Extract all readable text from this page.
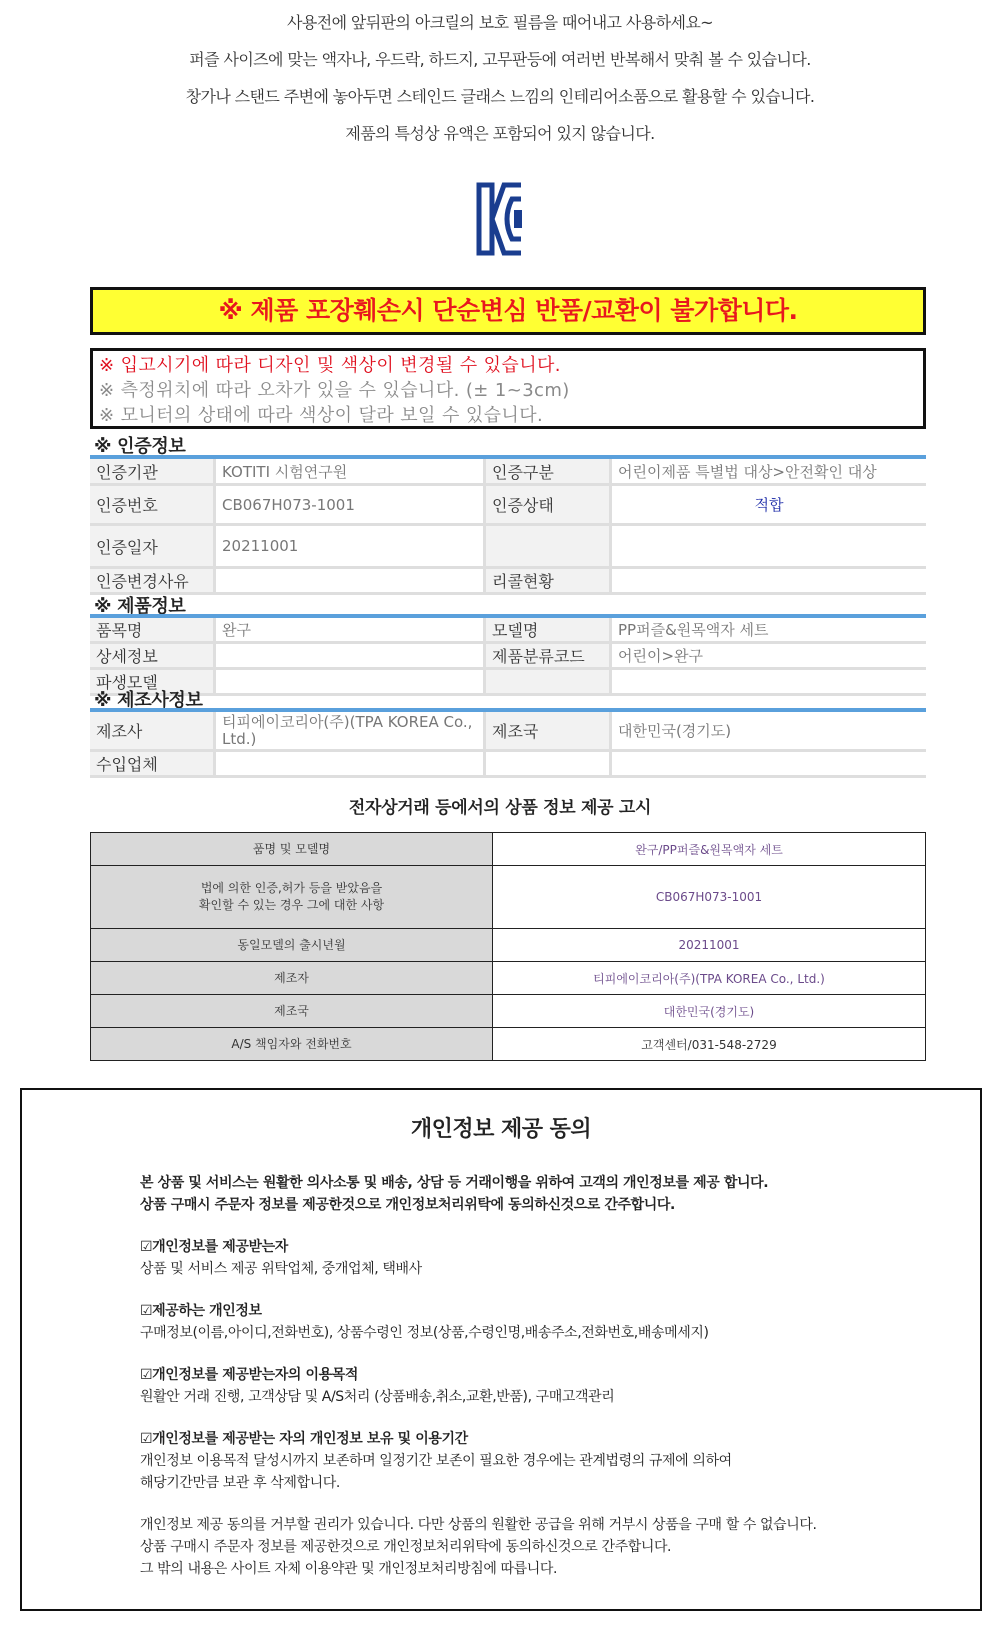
사용전에 앞뒤판의 아크릴의 보호 필름을 때어내고 사용하세요~

퍼즐 사이즈에 맞는 액자나, 우드락, 하드지, 고무판등에 여러번 반복해서 맞춰 볼 수 있습니다.

창가나 스탠드 주변에 놓아두면 스테인드 글래스 느낌의 인테리어소품으로 활용할 수 있습니다.

제품의 특성상 유액은 포함되어 있지 않습니다.

※ 제품 포장훼손시 단순변심 반품/교환이 불가합니다.
※ 입고시기에 따라 디자인 및 색상이 변경될 수 있습니다.
※ 측정위치에 따라 오차가 있을 수 있습니다. (± 1~3cm)
※ 모니터의 상태에 따라 색상이 달라 보일 수 있습니다.
※ 인증정보
인증기관	KOTITI 시험연구원	인증구분	어린이제품 특별법 대상>안전확인 대상
인증번호	CB067H073-1001	인증상태	적합
인증일자	20211001		
인증변경사유		리콜현황	
※ 제품정보
품목명	완구	모델명	PP퍼즐&원목액자 세트
상세정보		제품분류코드	어린이>완구
파생모델			
※ 제조사정보
제조사	티피에이코리아(주)(TPA KOREA Co., Ltd.)	제조국	대한민국(경기도)
수입업체			
전자상거래 등에서의 상품 정보 제공 고시
품명 및 모델명	완구/PP퍼즐&원목액자 세트

법에 의한 인증,허가 등을 받았음을
확인할 수 있는 경우 그에 대한 사항	CB067H073-1001
동일모델의 출시년월	20211001
제조자	티피에이코리아(주)(TPA KOREA Co., Ltd.)
제조국	대한민국(경기도)
A/S 책임자와 전화번호	고객센터/031-548-2729
개인정보 제공 동의
본 상품 및 서비스는 원활한 의사소통 및 배송, 상담 등 거래이행을 위하여 고객의 개인정보를 제공 합니다.
상품 구매시 주문자 정보를 제공한것으로 개인정보처리위탁에 동의하신것으로 간주합니다.
☑개인정보를 제공받는자
상품 및 서비스 제공 위탁업체, 중개업체, 택배사
☑제공하는 개인정보
구매정보(이름,아이디,전화번호), 상품수령인 정보(상품,수령인명,배송주소,전화번호,배송메세지)
☑개인정보를 제공받는자의 이용목적
원활안 거래 진행, 고객상담 및 A/S처리 (상품배송,취소,교환,반품), 구매고객관리
☑개인정보를 제공받는 자의 개인정보 보유 및 이용기간
개인정보 이용목적 달성시까지 보존하며 일정기간 보존이 필요한 경우에는 관계법령의 규제에 의하여
해당기간만큼 보관 후 삭제합니다.
개인정보 제공 동의를 거부할 권리가 있습니다. 다만 상품의 원활한 공급을 위해 거부시 상품을 구매 할 수 없습니다.
상품 구매시 주문자 정보를 제공한것으로 개인정보처리위탁에 동의하신것으로 간주합니다.
그 밖의 내용은 사이트 자체 이용약관 및 개인정보처리방침에 따릅니다.
